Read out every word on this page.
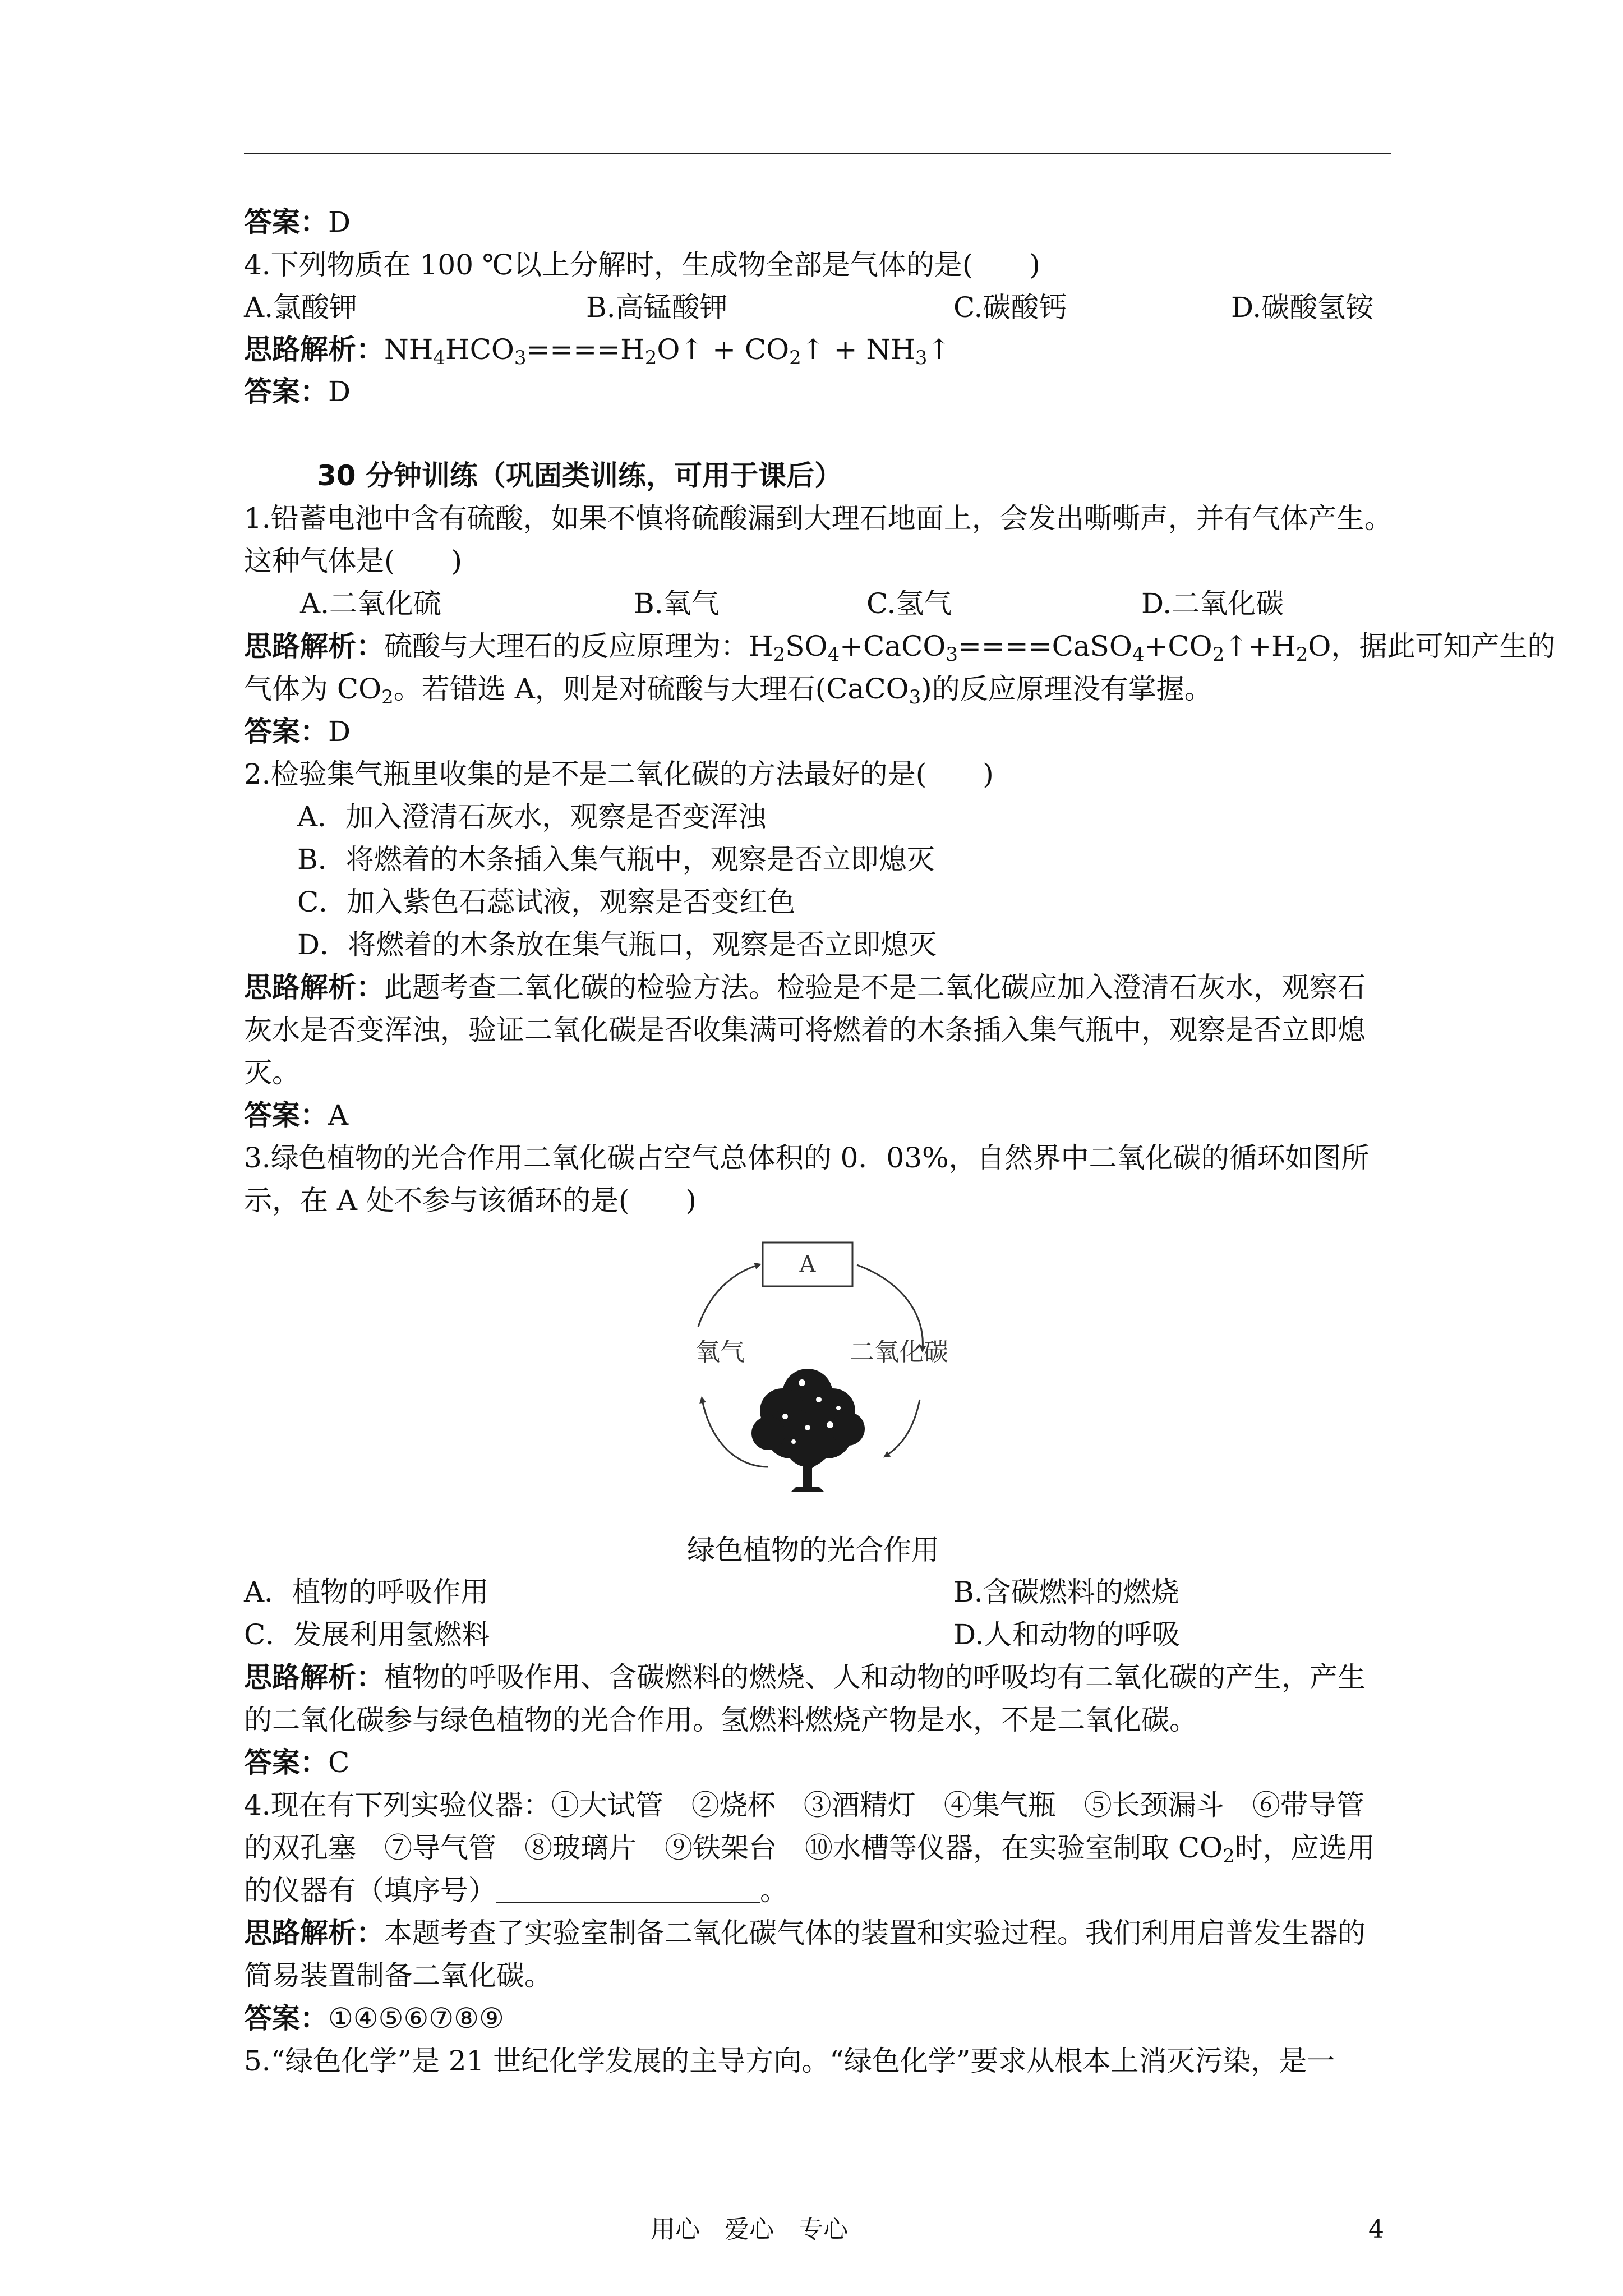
答案：D
4.下列物质在 100 ℃以上分解时，生成物全部是气体的是(　　)
A.氯酸钾	B.高锰酸钾	C.碳酸钙	D.碳酸氢铵
思路解析：$NH_4HCO_3====H_2O↑$ + $CO_2↑$ + $NH_3↑$
答案：D
30 分钟训练（巩固类训练，可用于课后）
1.铅蓄电池中含有硫酸，如果不慎将硫酸漏到大理石地面上，会发出嘶嘶声，并有气体产生。
这种气体是(　　)
A.二氧化硫	B.氧气	C.氢气	D.二氧化碳
思路解析：硫酸与大理石的反应原理为：$H_2SO_4+CaCO_3====CaSO_4+CO_2↑+H_2O$，据此可知产生的
气体为 $CO_2$。若错选 A，则是对硫酸与大理石(CaCO$_3$)的反应原理没有掌握。
答案：D
2.检验集气瓶里收集的是不是二氧化碳的方法最好的是(　　)
A．加入澄清石灰水，观察是否变浑浊
B．将燃着的木条插入集气瓶中，观察是否立即熄灭
C．加入紫色石蕊试液，观察是否变红色
D．将燃着的木条放在集气瓶口，观察是否立即熄灭
思路解析：此题考查二氧化碳的检验方法。检验是不是二氧化碳应加入澄清石灰水，观察石
灰水是否变浑浊，验证二氧化碳是否收集满可将燃着的木条插入集气瓶中，观察是否立即熄
灭。
答案：A
3.绿色植物的光合作用二氧化碳占空气总体积的 0．03%，自然界中二氧化碳的循环如图所
示，在 A 处不参与该循环的是(　　)
A
氧气	二氧化碳
绿色植物的光合作用
A．植物的呼吸作用	B.含碳燃料的燃烧
C．发展利用氢燃料	D.人和动物的呼吸
思路解析：植物的呼吸作用、含碳燃料的燃烧、人和动物的呼吸均有二氧化碳的产生，产生
的二氧化碳参与绿色植物的光合作用。氢燃料燃烧产物是水，不是二氧化碳。
答案：C
4.现在有下列实验仪器：①大试管　②烧杯　③酒精灯　④集气瓶　⑤长颈漏斗　⑥带导管
的双孔塞　⑦导气管　⑧玻璃片　⑨铁架台　⑩水槽等仪器，在实验室制取 $CO_2$时，应选用
的仪器有（填序号）	。
思路解析：本题考查了实验室制备二氧化碳气体的装置和实验过程。我们利用启普发生器的
简易装置制备二氧化碳。
答案：①④⑤⑥⑦⑧⑨
5.“绿色化学”是 21 世纪化学发展的主导方向。“绿色化学”要求从根本上消灭污染，是一
用心　爱心　专心	4
